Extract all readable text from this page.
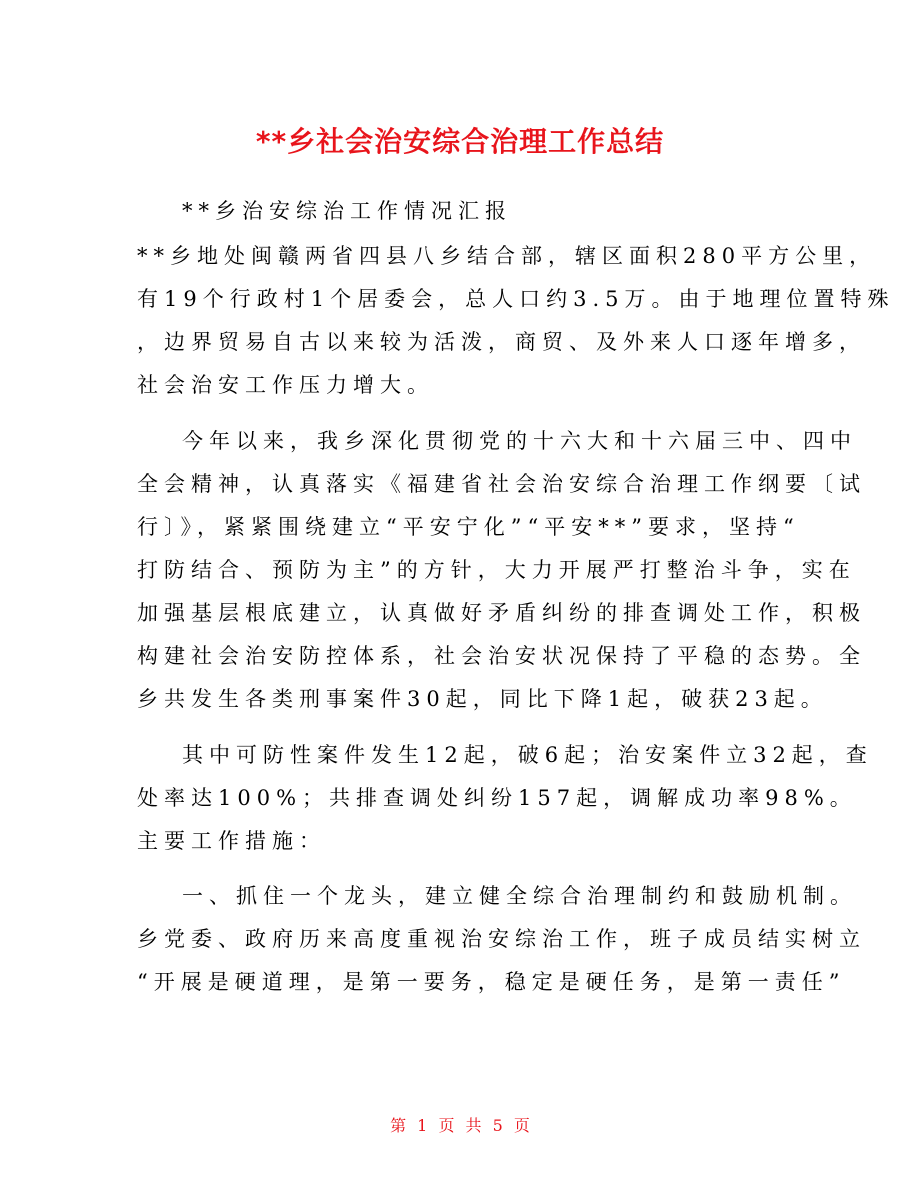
**乡社会治安综合治理工作总结
**乡治安综治工作情况汇报
**乡地处闽赣两省四县八乡结合部，辖区面积280平方公里，
有19个行政村1个居委会，总人口约3.5万。由于地理位置特殊
，边界贸易自古以来较为活泼，商贸、及外来人口逐年增多，
社会治安工作压力增大。
今年以来，我乡深化贯彻党的十六大和十六届三中、四中
全会精神，认真落实《福建省社会治安综合治理工作纲要〔试
行〕》，紧紧围绕建立“平安宁化”“平安**”要求，坚持“
打防结合、预防为主”的方针，大力开展严打整治斗争，实在
加强基层根底建立，认真做好矛盾纠纷的排查调处工作，积极
构建社会治安防控体系，社会治安状况保持了平稳的态势。全
乡共发生各类刑事案件30起，同比下降1起，破获23起。
其中可防性案件发生12起，破6起；治安案件立32起，查
处率达100%；共排查调处纠纷157起，调解成功率98%。
主要工作措施：
一、抓住一个龙头，建立健全综合治理制约和鼓励机制。
乡党委、政府历来高度重视治安综治工作，班子成员结实树立
“开展是硬道理，是第一要务，稳定是硬任务，是第一责任”
第 1 页 共 5 页
